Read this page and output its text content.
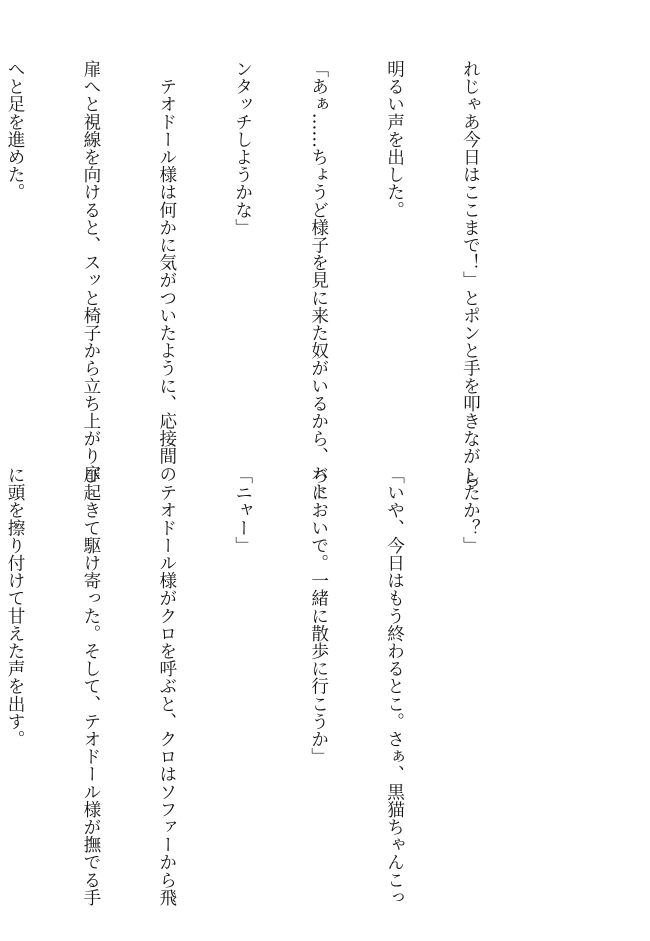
れじゃあ今日はここまで！」とポンと手を叩きなが ら

明るい声を出した。

「あぁ……ちょうど様子を見に来た奴がいるから、バト

ンタッチしようかな」

　テオドール様は何かに気がついたように、応接間の

扉へと視線を向けると、スッと椅子から立ち上がり扉

へと足を進めた。

したか？」

「いや、今日はもう終わるとこ。さぁ、黒猫ちゃんこっ

ちにおいで。一緒に散歩に行こうか」

「ニャー」

　テオドール様がクロを呼ぶと、クロはソファーから飛

び起きて駆け寄った。そして、テオドール様が撫でる手

に頭を擦り付けて甘えた声を出す。
